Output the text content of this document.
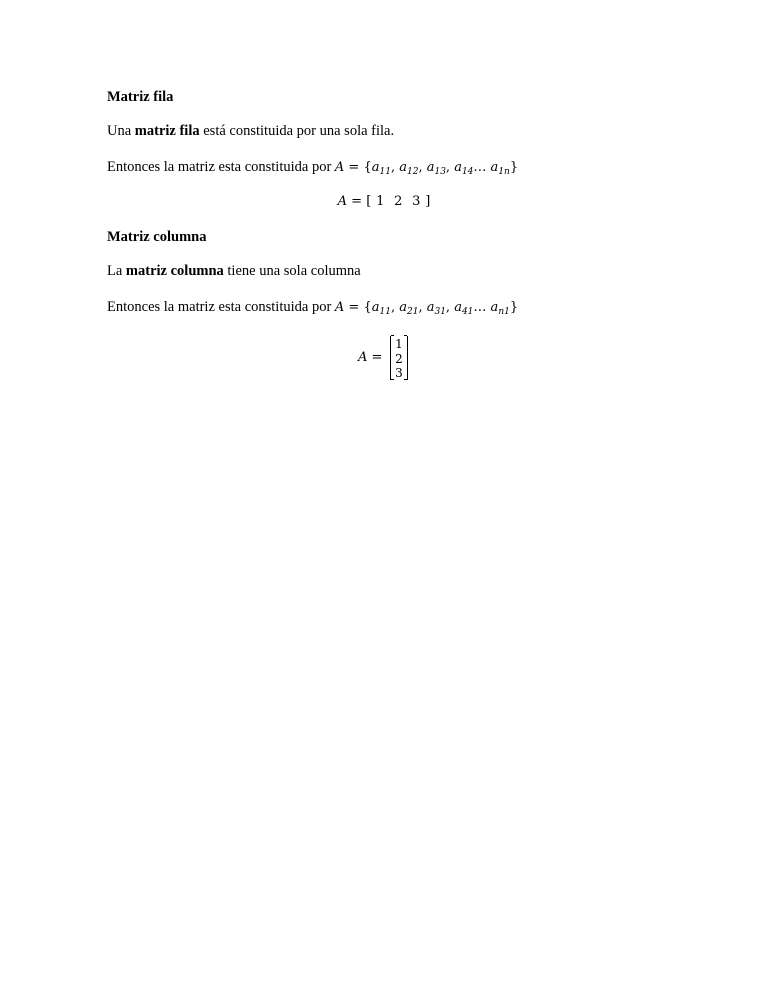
Matriz fila
Una matriz fila está constituida por una sola fila.
Entonces la matriz esta constituida por $A = \{a_{11}$, $a_{12}$, $a_{13}$, $a_{14}\dots$ $a_{1n}$}
A = [ 1 2 3 ]
Matriz columna
La matriz columna tiene una sola columna
Entonces la matriz esta constituida por $A = \{a_{11}$, $a_{21}$, $a_{31}$, $a_{41}\dots$ $a_{n1}$}
A =
1
2
3
